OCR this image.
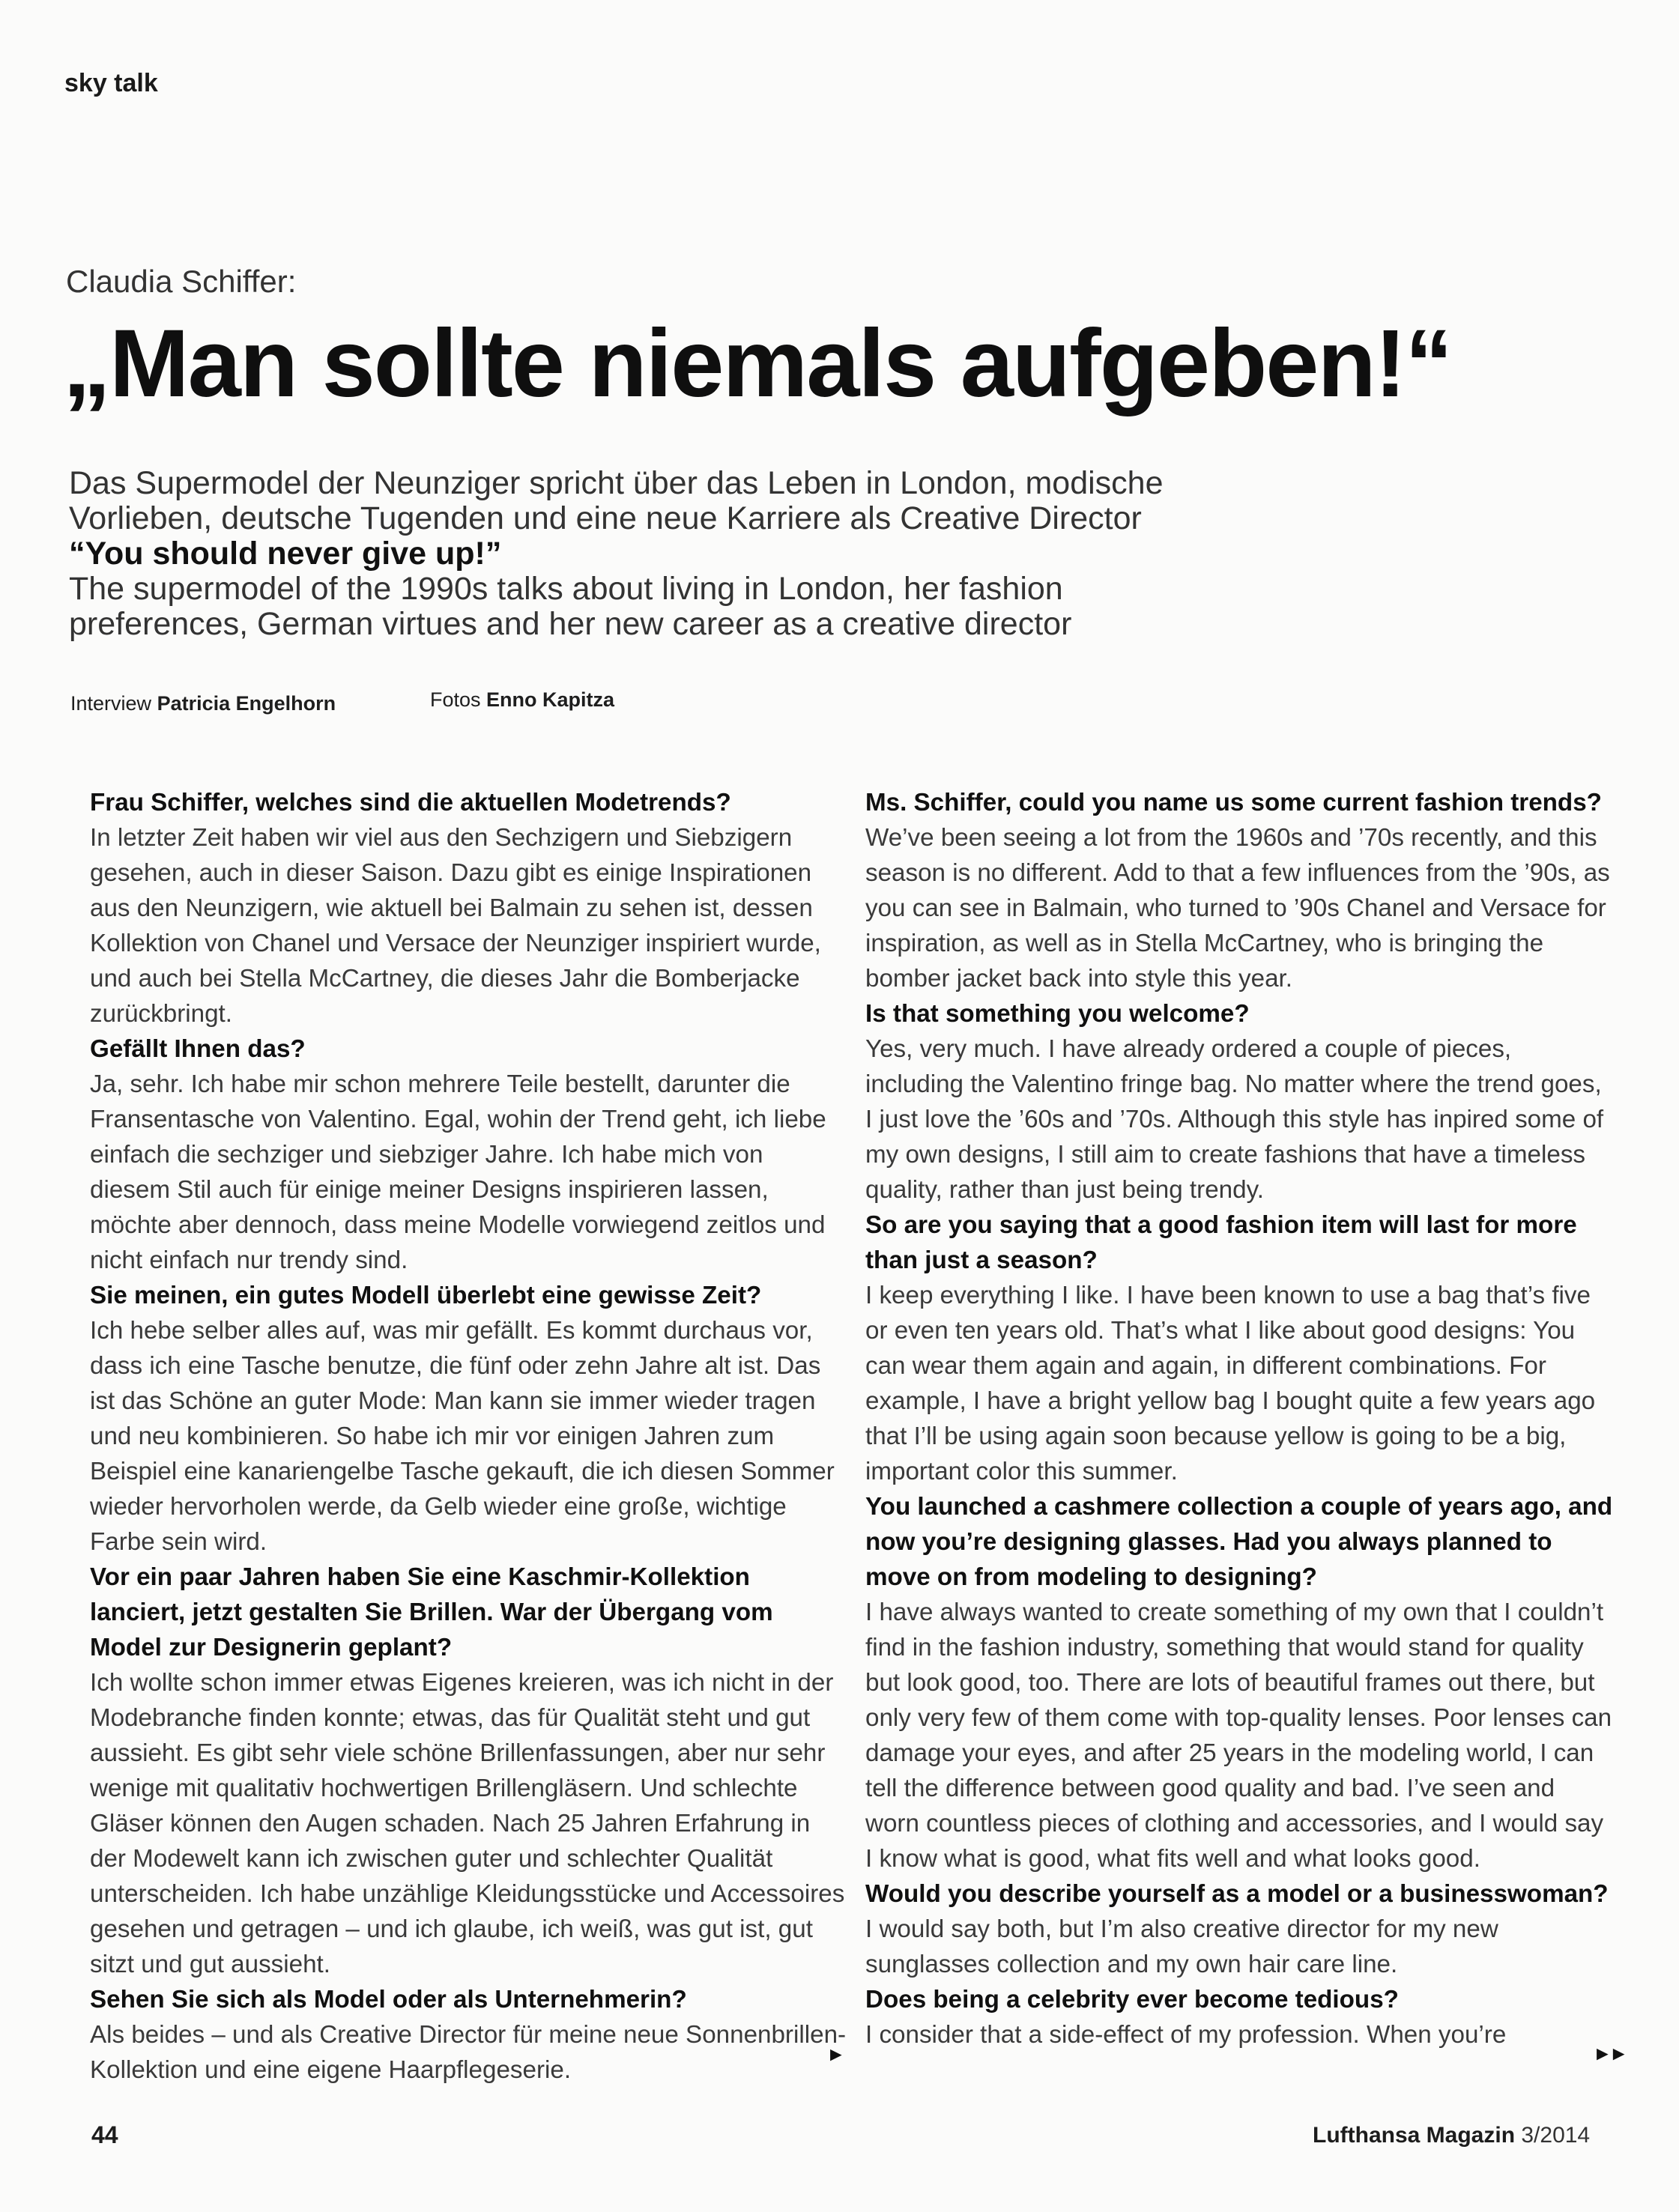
sky talk
Claudia Schiffer:
„Man sollte niemals aufgeben!“
Das Supermodel der Neunziger spricht über das Leben in London, modische Vorlieben, deutsche Tugenden und eine neue Karriere als Creative Director
“You should never give up!”
The supermodel of the 1990s talks about living in London, her fashion preferences, German virtues and her new career as a creative director
Interview Patricia Engelhorn	Fotos Enno Kapitza
Frau Schiffer, welches sind die aktuellen Modetrends?
In letzter Zeit haben wir viel aus den Sechzigern und Siebzigern gesehen, auch in dieser Saison. Dazu gibt es einige Inspirationen aus den Neunzigern, wie aktuell bei Balmain zu sehen ist, dessen Kollektion von Chanel und Versace der Neunziger inspiriert wurde, und auch bei Stella McCartney, die dieses Jahr die Bomberjacke zurückbringt.
Gefällt Ihnen das?
Ja, sehr. Ich habe mir schon mehrere Teile bestellt, darunter die Fransentasche von Valentino. Egal, wohin der Trend geht, ich liebe einfach die sechziger und siebziger Jahre. Ich habe mich von diesem Stil auch für einige meiner Designs inspirieren lassen, möchte aber dennoch, dass meine Modelle vorwiegend zeitlos und nicht einfach nur trendy sind.
Sie meinen, ein gutes Modell überlebt eine gewisse Zeit?
Ich hebe selber alles auf, was mir gefällt. Es kommt durchaus vor, dass ich eine Tasche benutze, die fünf oder zehn Jahre alt ist. Das ist das Schöne an guter Mode: Man kann sie immer wieder tragen und neu kombinieren. So habe ich mir vor einigen Jahren zum Beispiel eine kanariengelbe Tasche gekauft, die ich diesen Sommer wieder hervorholen werde, da Gelb wieder eine große, wichtige Farbe sein wird.
Vor ein paar Jahren haben Sie eine Kaschmir-Kollektion lanciert, jetzt gestalten Sie Brillen. War der Übergang vom Model zur Designerin geplant?
Ich wollte schon immer etwas Eigenes kreieren, was ich nicht in der Modebranche finden konnte; etwas, das für Qualität steht und gut aussieht. Es gibt sehr viele schöne Brillenfassungen, aber nur sehr wenige mit qualitativ hochwertigen Brillengläsern. Und schlechte Gläser können den Augen schaden. Nach 25 Jahren Erfahrung in der Modewelt kann ich zwischen guter und schlechter Qualität unterscheiden. Ich habe unzählige Kleidungsstücke und Accessoires gesehen und getragen – und ich glaube, ich weiß, was gut ist, gut sitzt und gut aussieht.
Sehen Sie sich als Model oder als Unternehmerin?
Als beides – und als Creative Director für meine neue Sonnenbrillen-Kollektion und eine eigene Haarpflegeserie.
►
Ms. Schiffer, could you name us some current fashion trends?
We’ve been seeing a lot from the 1960s and ’70s recently, and this season is no different. Add to that a few influences from the ’90s, as you can see in Balmain, who turned to ’90s Chanel and Versace for inspiration, as well as in Stella McCartney, who is bringing the bomber jacket back into style this year.
Is that something you welcome?
Yes, very much. I have already ordered a couple of pieces, including the Valentino fringe bag. No matter where the trend goes, I just love the ’60s and ’70s. Although this style has inpired some of my own designs, I still aim to create fashions that have a timeless quality, rather than just being trendy.
So are you saying that a good fashion item will last for more than just a season?
I keep everything I like. I have been known to use a bag that’s five or even ten years old. That’s what I like about good designs: You can wear them again and again, in different combinations. For example, I have a bright yellow bag I bought quite a few years ago that I’ll be using again soon because yellow is going to be a big, important color this summer.
You launched a cashmere collection a couple of years ago, and now you’re designing glasses. Had you always planned to move on from modeling to designing?
I have always wanted to create something of my own that I couldn’t find in the fashion industry, something that would stand for quality but look good, too. There are lots of beautiful frames out there, but only very few of them come with top-quality lenses. Poor lenses can damage your eyes, and after 25 years in the modeling world, I can tell the difference between good quality and bad. I’ve seen and worn countless pieces of clothing and accessories, and I would say I know what is good, what fits well and what looks good.
Would you describe yourself as a model or a businesswoman?
I would say both, but I’m also creative director for my new sunglasses collection and my own hair care line.
Does being a celebrity ever become tedious?
I consider that a side-effect of my profession. When you’re
►►
44	Lufthansa Magazin 3/2014
